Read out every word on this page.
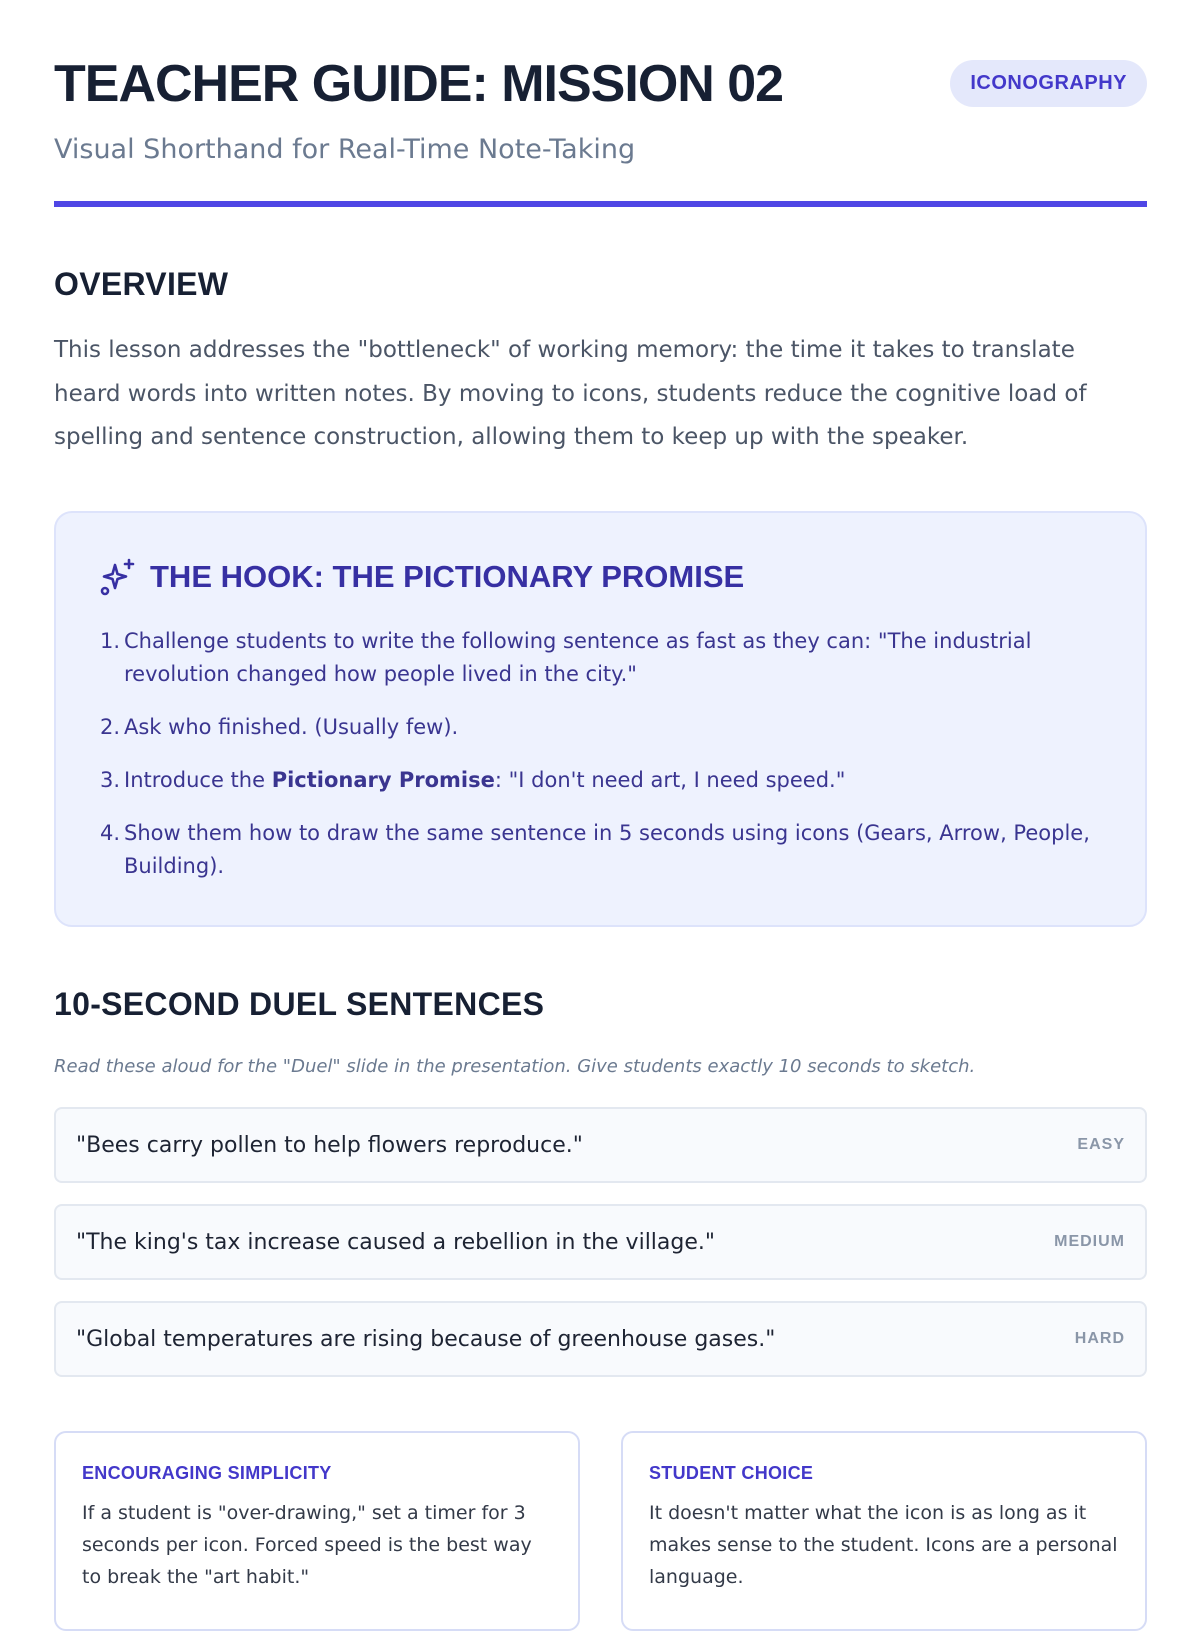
TEACHER GUIDE: MISSION 02	ICONOGRAPHY

Visual Shorthand for Real-Time Note-Taking

OVERVIEW

This lesson addresses the "bottleneck" of working memory: the time it takes to translate heard words into written notes. By moving to icons, students reduce the cognitive load of spelling and sentence construction, allowing them to keep up with the speaker.

THE HOOK: THE PICTIONARY PROMISE
1. Challenge students to write the following sentence as fast as they can: "The industrial revolution changed how people lived in the city."
2. Ask who finished. (Usually few).
3. Introduce the Pictionary Promise: "I don't need art, I need speed."
4. Show them how to draw the same sentence in 5 seconds using icons (Gears, Arrow, People, Building).
10-SECOND DUEL SENTENCES

Read these aloud for the "Duel" slide in the presentation. Give students exactly 10 seconds to sketch.

"Bees carry pollen to help flowers reproduce."	EASY
"The king's tax increase caused a rebellion in the village."	MEDIUM
"Global temperatures are rising because of greenhouse gases."	HARD
ENCOURAGING SIMPLICITY

If a student is "over-drawing," set a timer for 3 seconds per icon. Forced speed is the best way to break the "art habit."

STUDENT CHOICE

It doesn't matter what the icon is as long as it makes sense to the student. Icons are a personal language.
